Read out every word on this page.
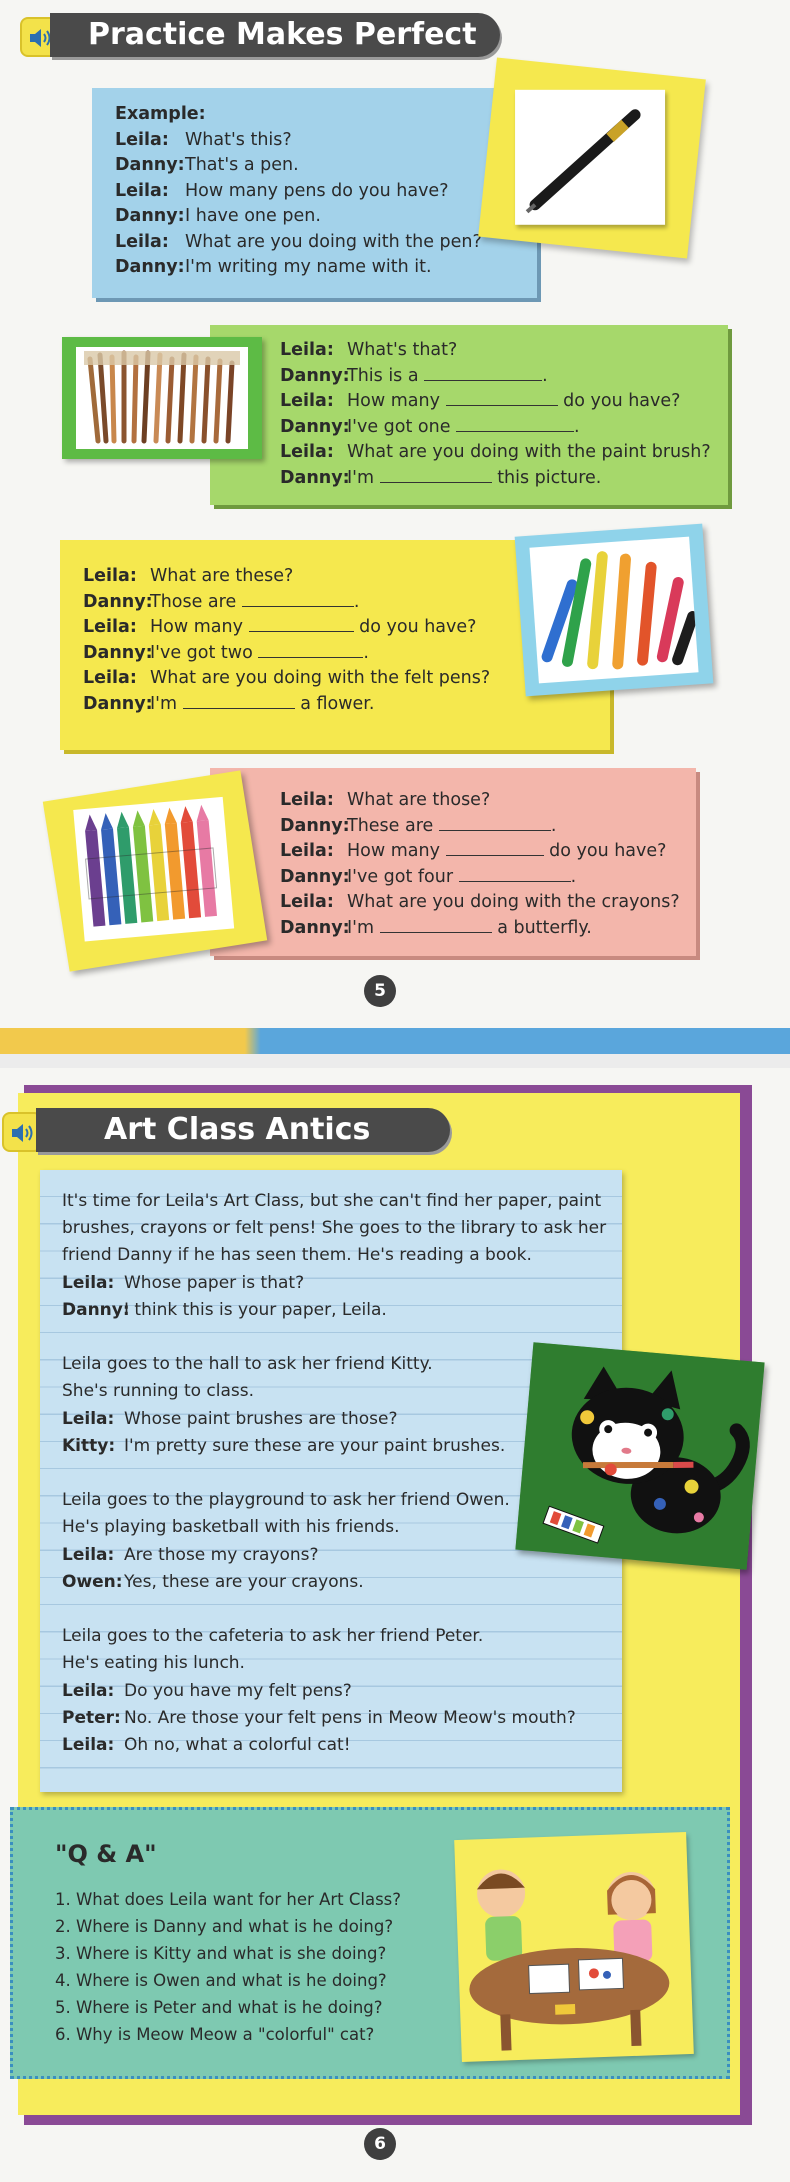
Practice Makes Perfect
Example:
Leila: What's this?
Danny: That's a pen.
Leila: How many pens do you have?
Danny: I have one pen.
Leila: What are you doing with the pen?
Danny: I'm writing my name with it.
Leila: What's that?
Danny:
This is a
	.
Leila: How many

	do you have?
Danny:
I've got one
	.
Leila: What are you doing with the paint brush?
Danny:
I'm

	this picture.
Leila: What are these?
Danny:
Those are
	.
Leila: How many

	do you have?
Danny:
I've got two
	.
Leila: What are you doing with the felt pens?
Danny:
I'm

	a flower.
Leila: What are those?
Danny:
These are
	.
Leila: How many

	do you have?
Danny:
I've got four
	.
Leila: What are you doing with the crayons?
Danny:
I'm

	a butterfly.
5
Art Class Antics
It's time for Leila's Art Class, but she can't find her paper, paint
brushes, crayons or felt pens! She goes to the library to ask her
friend Danny if he has seen them. He's reading a book.
Leila: Whose paper is that?
Danny:I think this is your paper, Leila.

Leila goes to the hall to ask her friend Kitty.
She's running to class.
Leila: Whose paint brushes are those?
Kitty: I'm pretty sure these are your paint brushes.

Leila goes to the playground to ask her friend Owen.
He's playing basketball with his friends.
Leila: Are those my crayons?
Owen:Yes, these are your crayons.

Leila goes to the cafeteria to ask her friend Peter.
He's eating his lunch.
Leila: Do you have my felt pens?
Peter: No. Are those your felt pens in Meow Meow's mouth?
Leila: Oh no, what a colorful cat!
"Q & A"
1. What does Leila want for her Art Class?
2. Where is Danny and what is he doing?
3. Where is Kitty and what is she doing?
4. Where is Owen and what is he doing?
5. Where is Peter and what is he doing?
6. Why is Meow Meow a "colorful" cat?
6
